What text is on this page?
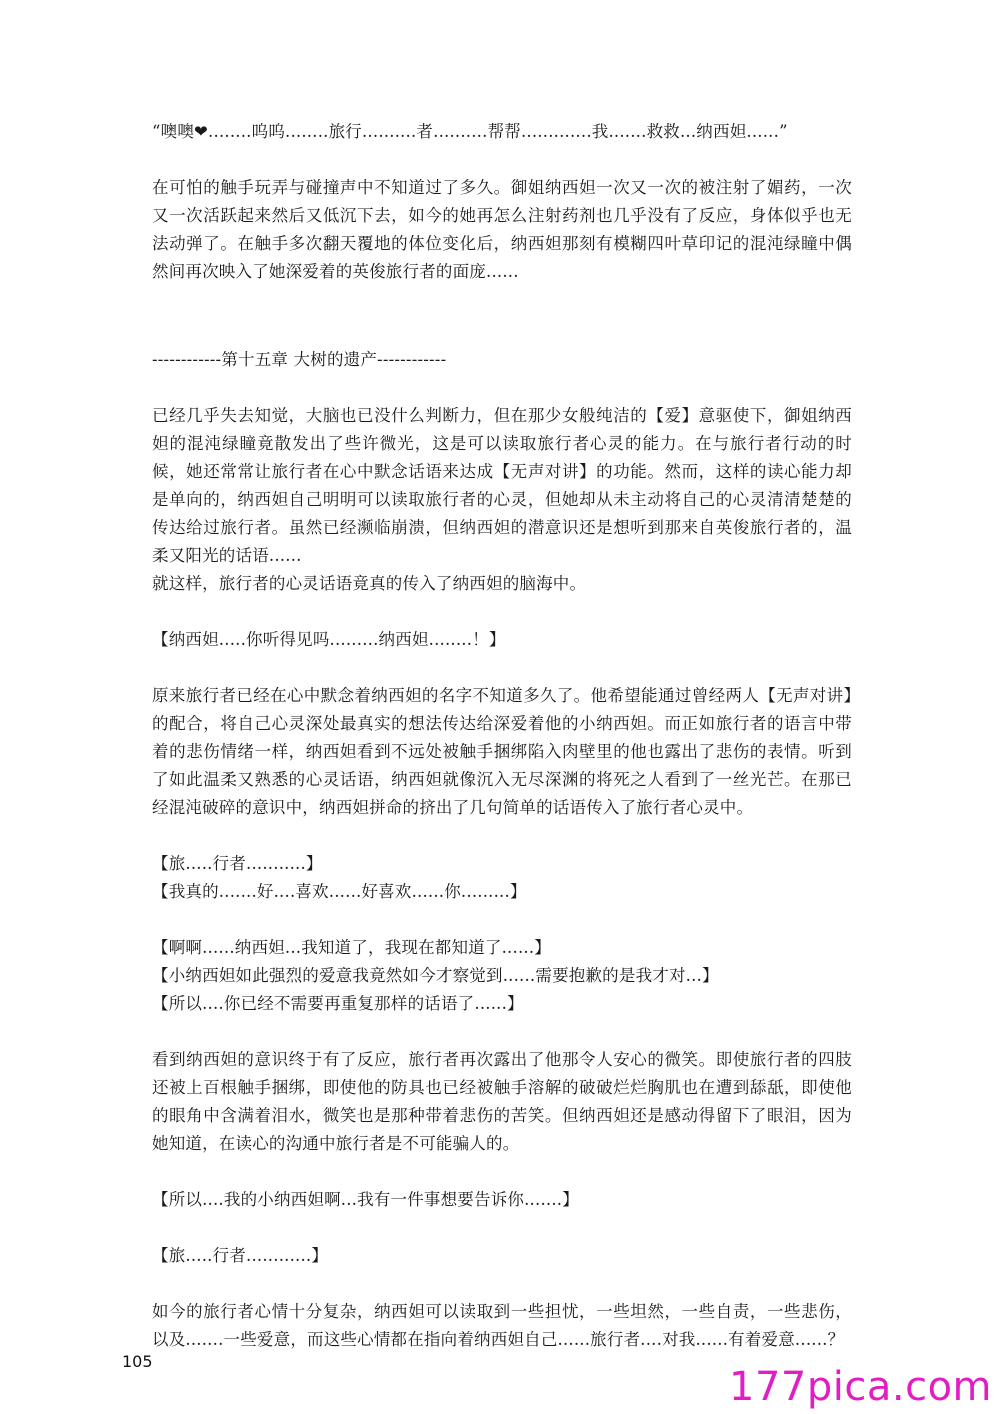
“噢噢❤........呜呜........旅行..........者..........帮帮.............我.......救救...纳西妲......”

在可怕的触手玩弄与碰撞声中不知道过了多久。御姐纳西妲一次又一次的被注射了媚药，一次又一次活跃起来然后又低沉下去，如今的她再怎么注射药剂也几乎没有了反应，身体似乎也无法动弹了。在触手多次翻天覆地的体位变化后，纳西妲那刻有模糊四叶草印记的混沌绿瞳中偶然间再次映入了她深爱着的英俊旅行者的面庞......

------------第十五章 大树的遗产------------

已经几乎失去知觉，大脑也已没什么判断力，但在那少女般纯洁的【爱】意驱使下，御姐纳西妲的混沌绿瞳竟散发出了些许微光，这是可以读取旅行者心灵的能力。在与旅行者行动的时候，她还常常让旅行者在心中默念话语来达成【无声对讲】的功能。然而，这样的读心能力却是单向的，纳西妲自己明明可以读取旅行者的心灵，但她却从未主动将自己的心灵清清楚楚的传达给过旅行者。虽然已经濒临崩溃，但纳西妲的潜意识还是想听到那来自英俊旅行者的，温柔又阳光的话语......

就这样，旅行者的心灵话语竟真的传入了纳西妲的脑海中。

【纳西妲.....你听得见吗.........纳西妲........！】

原来旅行者已经在心中默念着纳西妲的名字不知道多久了。他希望能通过曾经两人【无声对讲】的配合，将自己心灵深处最真实的想法传达给深爱着他的小纳西妲。而正如旅行者的语言中带着的悲伤情绪一样，纳西妲看到不远处被触手捆绑陷入肉壁里的他也露出了悲伤的表情。听到了如此温柔又熟悉的心灵话语，纳西妲就像沉入无尽深渊的将死之人看到了一丝光芒。在那已经混沌破碎的意识中，纳西妲拼命的挤出了几句简单的话语传入了旅行者心灵中。

【旅.....行者...........】

【我真的.......好....喜欢......好喜欢......你.........】

【啊啊......纳西妲...我知道了，我现在都知道了......】

【小纳西妲如此强烈的爱意我竟然如今才察觉到......需要抱歉的是我才对...】

【所以....你已经不需要再重复那样的话语了......】

看到纳西妲的意识终于有了反应，旅行者再次露出了他那令人安心的微笑。即使旅行者的四肢还被上百根触手捆绑，即使他的防具也已经被触手溶解的破破烂烂胸肌也在遭到舔舐，即使他的眼角中含满着泪水，微笑也是那种带着悲伤的苦笑。但纳西妲还是感动得留下了眼泪，因为她知道，在读心的沟通中旅行者是不可能骗人的。

【所以....我的小纳西妲啊...我有一件事想要告诉你.......】

【旅.....行者............】

如今的旅行者心情十分复杂，纳西妲可以读取到一些担忧，一些坦然，一些自责，一些悲伤，以及.......一些爱意，而这些心情都在指向着纳西妲自己......旅行者....对我......有着爱意......？

105
177pica.com
